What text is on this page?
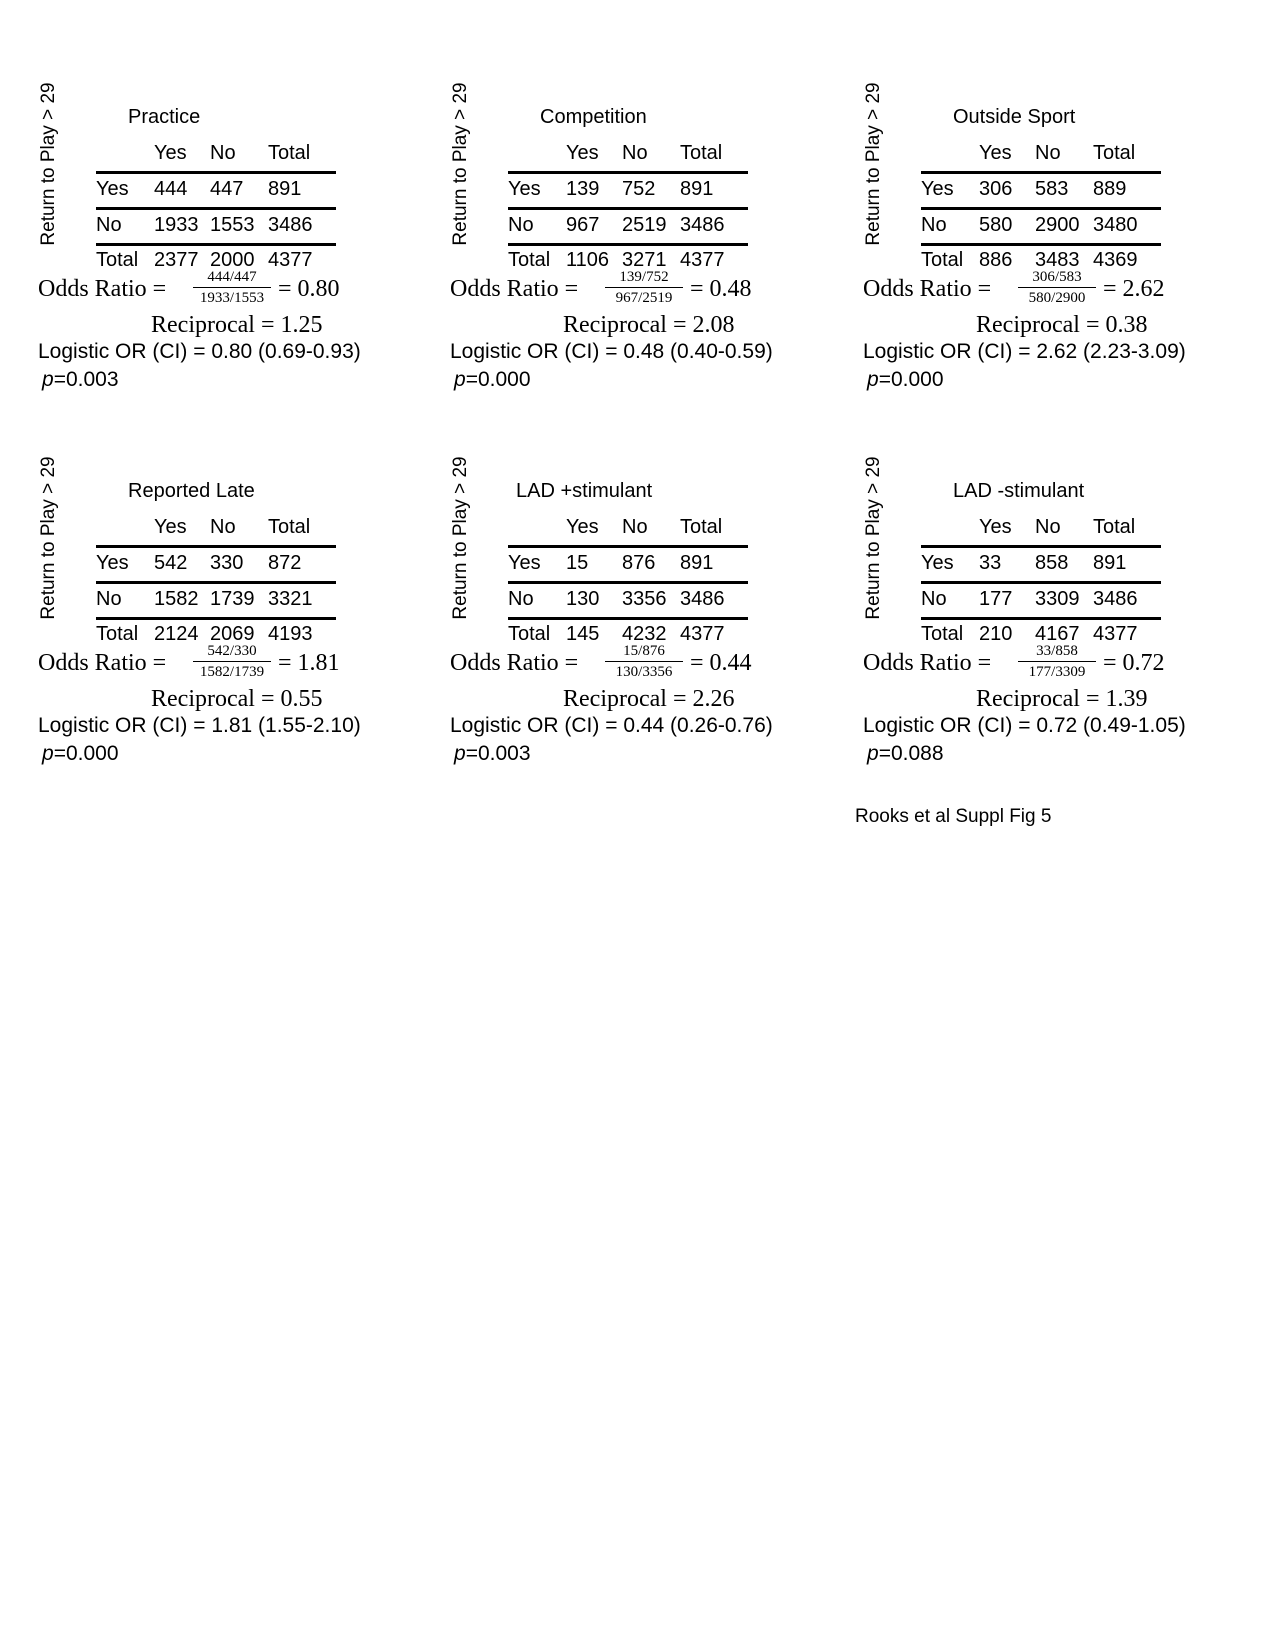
Return to Play > 29	Practice
Yes No Total
Yes 444 447 891
No 1933 1553 3486
Total 2377 2000 4377
Odds Ratio = $\frac{444/447}{1933/1553} = 0.80$
Reciprocal = 1.25
Logistic OR (CI) = 0.80 (0.69-0.93)
p=0.003
Return to Play > 29	Competition
Yes No Total
Yes 139 752 891
No 967 2519 3486
Total 1106 3271 4377
Odds Ratio = $\frac{139/752}{967/2519} = 0.48$
Reciprocal = 2.08
Logistic OR (CI) = 0.48 (0.40-0.59)
p=0.000
Return to Play > 29	Outside Sport
Yes No Total
Yes 306 583 889
No 580 2900 3480
Total 886 3483 4369
Odds Ratio = $\frac{306/583}{580/2900} = 2.62$
Reciprocal = 0.38
Logistic OR (CI) = 2.62 (2.23-3.09)
p=0.000
Return to Play > 29	Reported Late
Yes No Total
Yes 542 330 872
No 1582 1739 3321
Total 2124 2069 4193
Odds Ratio = $\frac{542/330}{1582/1739} = 1.81$
Reciprocal = 0.55
Logistic OR (CI) = 1.81 (1.55-2.10)
p=0.000
Return to Play > 29 LAD +stimulant
Yes No Total
Yes 15 876 891
No 130 3356 3486
Total 145 4232 4377
Odds Ratio = $\frac{15/876}{130/3356} = 0.44$
Reciprocal = 2.26
Logistic OR (CI) = 0.44 (0.26-0.76)
p=0.003
Return to Play > 29	LAD -stimulant
Yes No Total
Yes 33 858 891
No 177 3309 3486
Total 210 4167 4377
Odds Ratio = $\frac{33/858}{177/3309} = 0.72$
Reciprocal = 1.39
Logistic OR (CI) = 0.72 (0.49-1.05)
p=0.088
Rooks et al Suppl Fig 5
